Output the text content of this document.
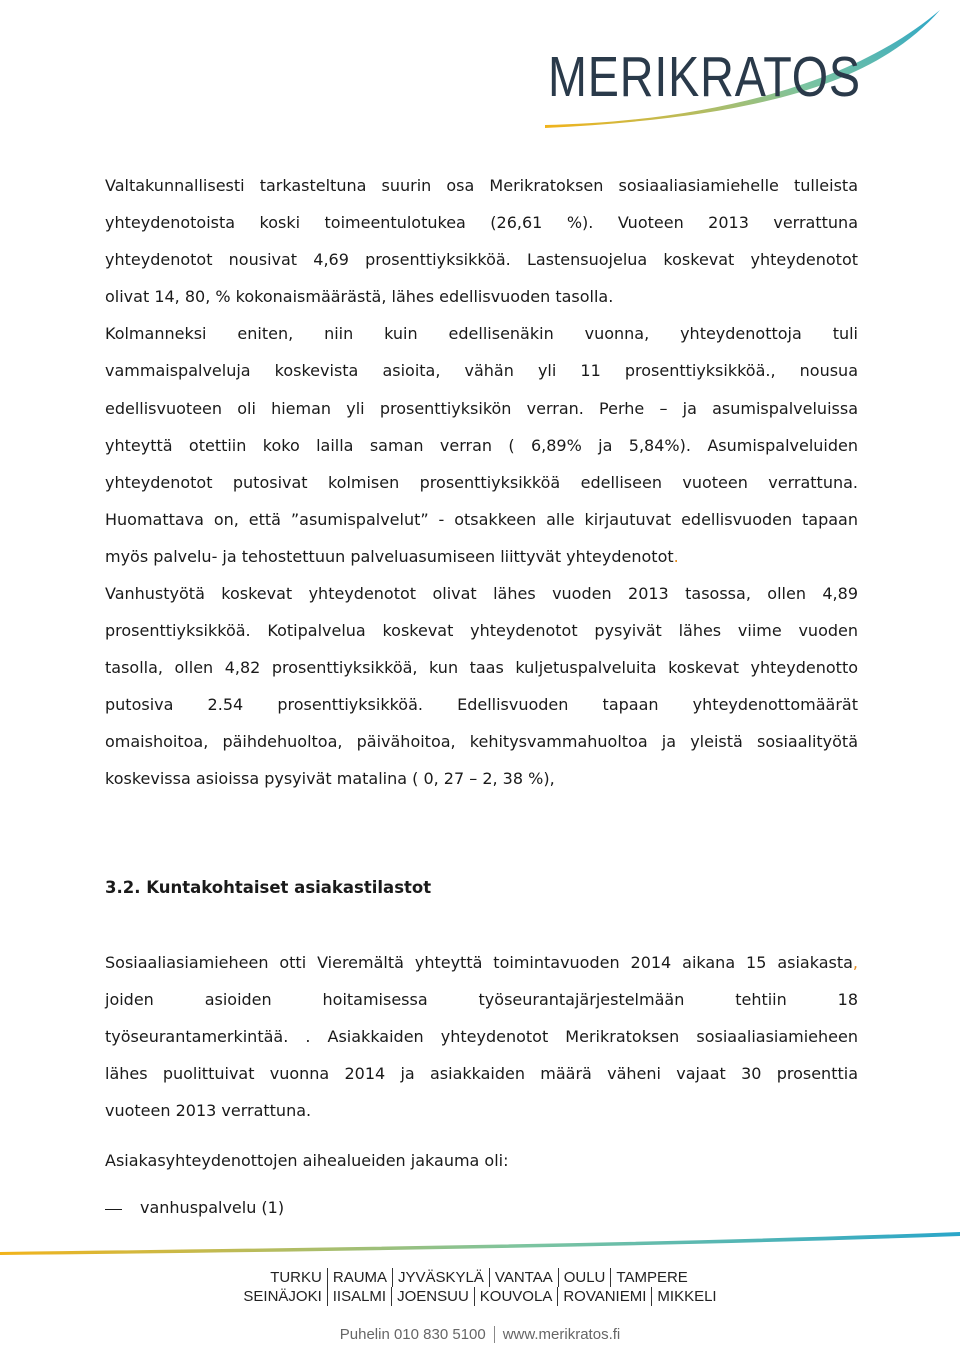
MERIKRATOS

Valtakunnallisesti tarkasteltuna suurin osa Merikratoksen sosiaaliasiamiehelle tulleista

yhteydenotoista koski toimeentulotukea (26,61 %). Vuoteen 2013 verrattuna

yhteydenotot nousivat 4,69 prosenttiyksikköä. Lastensuojelua koskevat yhteydenotot

olivat 14, 80, % kokonaismäärästä, lähes edellisvuoden tasolla.

Kolmanneksi eniten, niin kuin edellisenäkin vuonna, yhteydenottoja tuli

vammaispalveluja koskevista asioita, vähän yli 11 prosenttiyksikköä., nousua

edellisvuoteen oli hieman yli prosenttiyksikön verran. Perhe – ja asumispalveluissa

yhteyttä otettiin koko lailla saman verran ( 6,89% ja 5,84%). Asumispalveluiden

yhteydenotot putosivat kolmisen prosenttiyksikköä edelliseen vuoteen verrattuna.

Huomattava on, että ”asumispalvelut” - otsakkeen alle kirjautuvat edellisvuoden tapaan

myös palvelu- ja tehostettuun palveluasumiseen liittyvät yhteydenotot.

Vanhustyötä koskevat yhteydenotot olivat lähes vuoden 2013 tasossa, ollen 4,89

prosenttiyksikköä. Kotipalvelua koskevat yhteydenotot pysyivät lähes viime vuoden

tasolla, ollen 4,82 prosenttiyksikköä, kun taas kuljetuspalveluita koskevat yhteydenotto

putosiva 2.54 prosenttiyksikköä. Edellisvuoden tapaan yhteydenottomäärät

omaishoitoa, päihdehuoltoa, päivähoitoa, kehitysvammahuoltoa ja yleistä sosiaalityötä

koskevissa asioissa pysyivät matalina ( 0, 27 – 2, 38 %),

3.2. Kuntakohtaiset asiakastilastot

Sosiaaliasiamieheen otti Vieremältä yhteyttä toimintavuoden 2014 aikana 15 asiakasta,

joiden asioiden hoitamisessa työseurantajärjestelmään tehtiin 18

työseurantamerkintää. . Asiakkaiden yhteydenotot Merikratoksen sosiaaliasiamieheen

lähes puolittuivat vuonna 2014 ja asiakkaiden määrä väheni vajaat 30 prosenttia

vuoteen 2013 verrattuna.

Asiakasyhteydenottojen aihealueiden jakauma oli:
vanhuspalvelu (1)
TURKU RAUMA JYVÄSKYLÄ VANTAA OULU TAMPERE
SEINÄJOKI IISALMI JOENSUU KOUVOLA ROVANIEMI MIKKELI
Puhelin 010 830 5100 www.merikratos.fi
